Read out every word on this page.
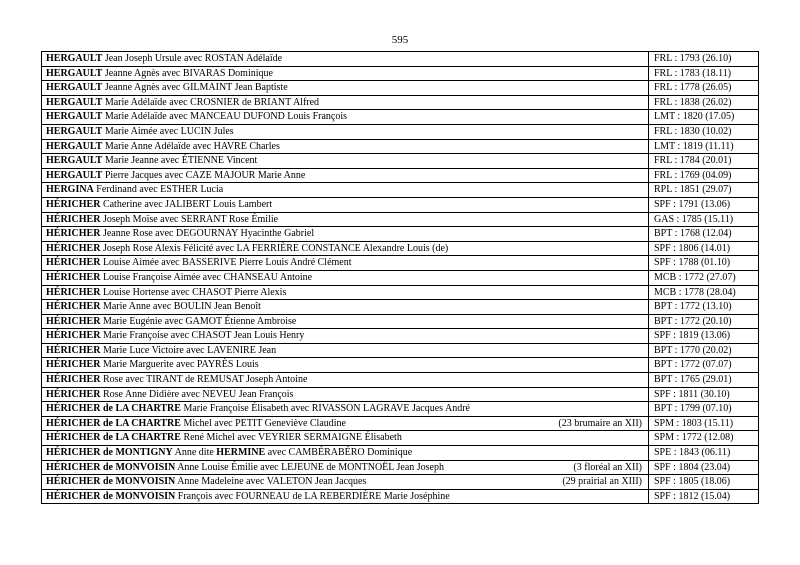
595
HERGAULT Jean Joseph Ursule avec ROSTAN Adélaïde	FRL : 1793 (26.10)

HERGAULT Jeanne Agnès avec BIVARAS Dominique	FRL : 1783 (18.11)

HERGAULT Jeanne Agnès avec GILMAINT Jean Baptiste	FRL : 1778 (26.05)

HERGAULT Marie Adélaïde avec CROSNIER de BRIANT Alfred	FRL : 1838 (26.02)

HERGAULT Marie Adélaïde avec MANCEAU DUFOND Louis François	LMT : 1820 (17.05)

HERGAULT Marie Aimée avec LUCIN Jules	FRL : 1830 (10.02)

HERGAULT Marie Anne Adélaïde avec HAVRE Charles	LMT : 1819 (11.11)

HERGAULT Marie Jeanne avec ÉTIENNE Vincent	FRL : 1784 (20.01)

HERGAULT Pierre Jacques avec CAZE MAJOUR Marie Anne	FRL : 1769 (04.09)

HERGINA Ferdinand avec ESTHER Lucia	RPL : 1851 (29.07)

HÉRICHER Catherine avec JALIBERT Louis Lambert	SPF : 1791 (13.06)

HÉRICHER Joseph Moïse avec SERRANT Rose Émilie	GAS : 1785 (15.11)

HÉRICHER Jeanne Rose avec DEGOURNAY Hyacinthe Gabriel	BPT : 1768 (12.04)

HÉRICHER Joseph Rose Alexis Félicité avec LA FERRIÈRE CONSTANCE Alexandre Louis (de)	SPF : 1806 (14.01)

HÉRICHER Louise Aimée avec BASSERIVE Pierre Louis André Clément	SPF : 1788 (01.10)

HÉRICHER Louise Françoise Aimée avec CHANSEAU Antoine	MCB : 1772 (27.07)

HÉRICHER Louise Hortense avec CHASOT Pierre Alexis	MCB : 1778 (28.04)

HÉRICHER Marie Anne avec BOULIN Jean Benoît	BPT : 1772 (13.10)

HÉRICHER Marie Eugénie avec GAMOT Étienne Ambroise	BPT : 1772 (20.10)

HÉRICHER Marie Françoise avec CHASOT Jean Louis Henry	SPF : 1819 (13.06)

HÉRICHER Marie Luce Victoire avec LAVENIRE Jean	BPT : 1770 (20.02)

HÉRICHER Marie Marguerite avec PAYRÈS Louis	BPT : 1772 (07.07)

HÉRICHER Rose avec TIRANT de REMUSAT Joseph Antoine	BPT : 1765 (29.01)

HÉRICHER Rose Anne Didière avec NEVEU Jean François	SPF : 1811 (30.10)

HÉRICHER de LA CHARTRE Marie Françoise Élisabeth avec RIVASSON LAGRAVE Jacques André	BPT : 1799 (07.10)

HÉRICHER de LA CHARTRE Michel avec PETIT Geneviève Claudine (23 brumaire an XII)	SPM : 1803 (15.11)

HÉRICHER de LA CHARTRE René Michel avec VEYRIER SERMAIGNE Élisabeth	SPM : 1772 (12.08)

HÉRICHER de MONTIGNY Anne dite HERMINE avec CAMBÉRABÉRO Dominique	SPE : 1843 (06.11)

HÉRICHER de MONVOISIN Anne Louise Émilie avec LEJEUNE de MONTNOËL Jean Joseph (3 floréal an XII)	SPF : 1804 (23.04)

HÉRICHER de MONVOISIN Anne Madeleine avec VALETON Jean Jacques (29 prairial an XIII)	SPF : 1805 (18.06)

HÉRICHER de MONVOISIN François avec FOURNEAU de LA REBERDIÈRE Marie Joséphine	SPF : 1812 (15.04)
